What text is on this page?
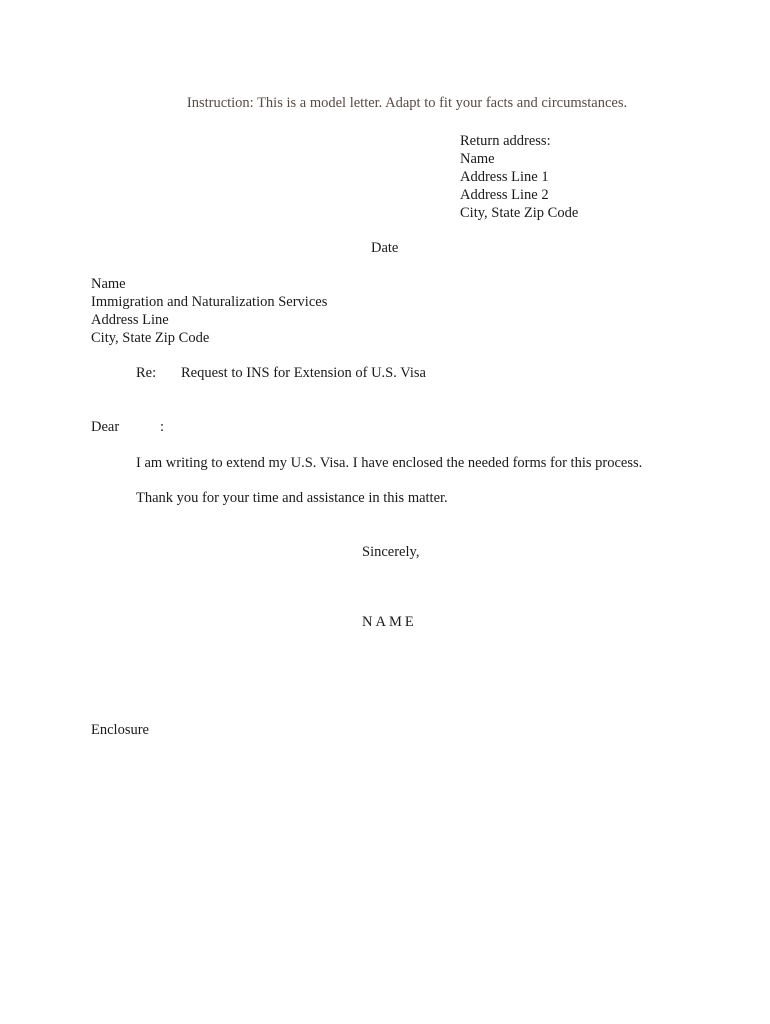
Instruction: This is a model letter. Adapt to fit your facts and circumstances.
Return address:
Name
Address Line 1
Address Line 2
City, State Zip Code
Date
Name
Immigration and Naturalization Services
Address Line
City, State Zip Code
Re: Request to INS for Extension of U.S. Visa
Dear	:
I am writing to extend my U.S. Visa. I have enclosed the needed forms for this process.
Thank you for your time and assistance in this matter.
Sincerely,
NAME
Enclosure
